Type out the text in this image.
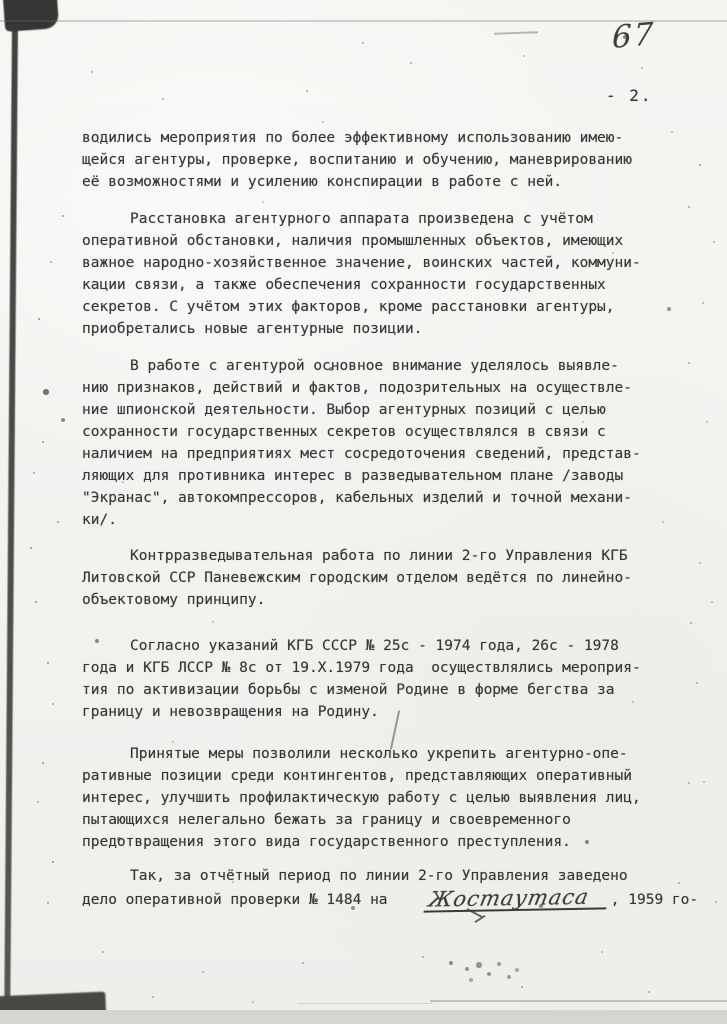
67
- 2.
водились мероприятия по более эффективному использованию имею-
щейся агентуры, проверке, воспитанию и обучению, маневрированию
её возможностями и усилению конспирации в работе с ней.
Расстановка агентурного аппарата произведена с учётом
оперативной обстановки, наличия промышленных объектов, имеющих
важное народно-хозяйственное значение, воинских частей, коммуни-
кации связи, а также обеспечения сохранности государственных
секретов. С учётом этих факторов, кроме расстановки агентуры,
приобретались новые агентурные позиции.
В работе с агентурой основное внимание уделялось выявле-
нию признаков, действий и фактов, подозрительных на осуществле-
ние шпионской деятельности. Выбор агентурных позиций с целью
сохранности государственных секретов осуществлялся в связи с
наличием на предприятиях мест сосредоточения сведений, представ-
ляющих для противника интерес в разведывательном плане /заводы
"Экранас", автокомпрессоров, кабельных изделий и точной механи-
ки/.
Контрразведывательная работа по линии 2-го Управления КГБ
Литовской ССР Паневежским городским отделом ведётся по линейно-
объектовому принципу.
Согласно указаний КГБ СССР № 25с - 1974 года, 26с - 1978
года и КГБ ЛССР № 8с от 19.X.1979 года  осуществлялись мероприя-
тия по активизации борьбы с изменой Родине в форме бегства за
границу и невозвращения на Родину.
Принятые меры позволили несколько укрепить агентурно-опе-
ративные позиции среди контингентов, представляющих оперативный
интерес, улучшить профилактическую работу с целью выявления лиц,
пытающихся нелегально бежать за границу и своевременного
предотвращения этого вида государственного преступления.
Так, за отчётный период по линии 2-го Управления заведено
дело оперативной проверки № 1484 на    Жостаутаса , 1959 го-
